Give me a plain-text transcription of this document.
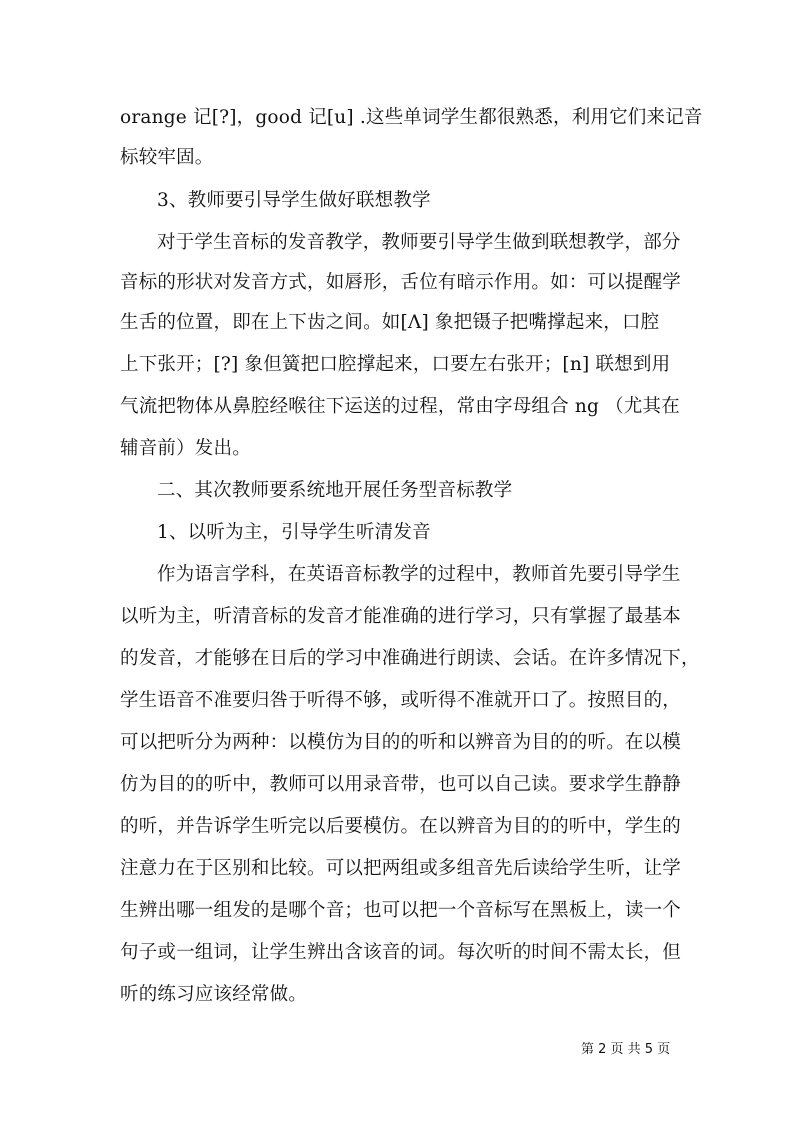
orange 记[?]，good 记[u] .这些单词学生都很熟悉，利用它们来记音
标较牢固。
3、教师要引导学生做好联想教学
对于学生音标的发音教学，教师要引导学生做到联想教学，部分
音标的形状对发音方式，如唇形，舌位有暗示作用。如：可以提醒学
生舌的位置，即在上下齿之间。如[Λ] 象把镊子把嘴撑起来，口腔
上下张开；[?] 象但簧把口腔撑起来，口要左右张开；[n] 联想到用
气流把物体从鼻腔经喉往下运送的过程，常由字母组合 ng （尤其在
辅音前）发出。
二、其次教师要系统地开展任务型音标教学
1、以听为主，引导学生听清发音
作为语言学科，在英语音标教学的过程中，教师首先要引导学生
以听为主，听清音标的发音才能准确的进行学习，只有掌握了最基本
的发音，才能够在日后的学习中准确进行朗读、会话。在许多情况下，
学生语音不准要归咎于听得不够，或听得不准就开口了。按照目的，
可以把听分为两种：以模仿为目的的听和以辨音为目的的听。在以模
仿为目的的听中，教师可以用录音带，也可以自己读。要求学生静静
的听，并告诉学生听完以后要模仿。在以辨音为目的的听中，学生的
注意力在于区别和比较。可以把两组或多组音先后读给学生听，让学
生辨出哪一组发的是哪个音；也可以把一个音标写在黑板上，读一个
句子或一组词，让学生辨出含该音的词。每次听的时间不需太长，但
听的练习应该经常做。
第 2 页 共 5 页
